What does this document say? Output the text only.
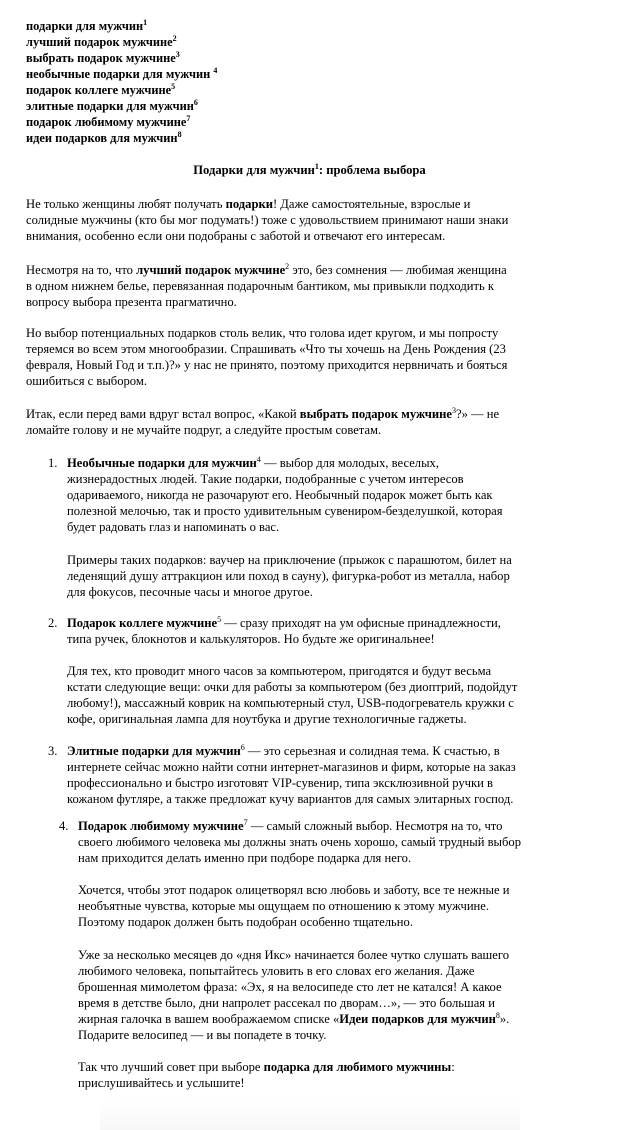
подарки для мужчин$^1$
лучший подарок мужчине$^2$
выбрать подарок мужчине$^3$
необычные подарки для мужчин $^4$
подарок коллеге мужчине$^5$
элитные подарки для мужчин$^6$
подарок любимому мужчине$^7$
идеи подарков для мужчин$^8$
Подарки для мужчин$^1$: проблема выбора
Не только женщины любят получать подарки! Даже самостоятельные, взрослые и
солидные мужчины (кто бы мог подумать!) тоже с удовольствием принимают наши знаки
внимания, особенно если они подобраны с заботой и отвечают его интересам.
Несмотря на то, что лучший подарок мужчине$^2$ это, без сомнения — любимая женщина
в одном нижнем белье, перевязанная подарочным бантиком, мы привыкли подходить к
вопросу выбора презента прагматично.
Но выбор потенциальных подарков столь велик, что голова идет кругом, и мы попросту
теряемся во всем этом многообразии. Спрашивать «Что ты хочешь на День Рождения (23
февраля, Новый Год и т.п.)?» у нас не принято, поэтому приходится нервничать и бояться
ошибиться с выбором.
Итак, если перед вами вдруг встал вопрос, «Какой выбрать подарок мужчине$^3$?» — не
ломайте голову и не мучайте подруг, а следуйте простым советам.
1. Необычные подарки для мужчин$^4$ — выбор для молодых, веселых,
жизнерадостных людей. Такие подарки, подобранные с учетом интересов
одариваемого, никогда не разочаруют его. Необычный подарок может быть как
полезной мелочью, так и просто удивительным сувениром-безделушкой, которая
будет радовать глаз и напоминать о вас.
Примеры таких подарков: ваучер на приключение (прыжок с парашютом, билет на
леденящий душу аттракцион или поход в сауну), фигурка-робот из металла, набор
для фокусов, песочные часы и многое другое.
2. Подарок коллеге мужчине$^5$ — сразу приходят на ум офисные принадлежности,
типа ручек, блокнотов и калькуляторов. Но будьте же оригинальнее!
Для тех, кто проводит много часов за компьютером, пригодятся и будут весьма
кстати следующие вещи: очки для работы за компьютером (без диоптрий, подойдут
любому!), массажный коврик на компьютерный стул, USB-подогреватель кружки с
кофе, оригинальная лампа для ноутбука и другие технологичные гаджеты.
3. Элитные подарки для мужчин$^6$ — это серьезная и солидная тема. К счастью, в
интернете сейчас можно найти сотни интернет-магазинов и фирм, которые на заказ
профессионально и быстро изготовят VIP-сувенир, типа эксклюзивной ручки в
кожаном футляре, а также предложат кучу вариантов для самых элитарных господ.
4. Подарок любимому мужчине$^7$ — самый сложный выбор. Несмотря на то, что
своего любимого человека мы должны знать очень хорошо, самый трудный выбор
нам приходится делать именно при подборе подарка для него.
Хочется, чтобы этот подарок олицетворял всю любовь и заботу, все те нежные и
необъятные чувства, которые мы ощущаем по отношению к этому мужчине.
Поэтому подарок должен быть подобран особенно тщательно.
Уже за несколько месяцев до «дня Икс» начинается более чутко слушать вашего
любимого человека, попытайтесь уловить в его словах его желания. Даже
брошенная мимолетом фраза: «Эх, я на велосипеде сто лет не катался! А какое
время в детстве было, дни напролет рассекал по дворам…», — это большая и
жирная галочка в вашем воображаемом списке «Идеи подарков для мужчин$^8$».
Подарите велосипед — и вы попадете в точку.
Так что лучший совет при выборе подарка для любимого мужчины:
прислушивайтесь и услышите!
